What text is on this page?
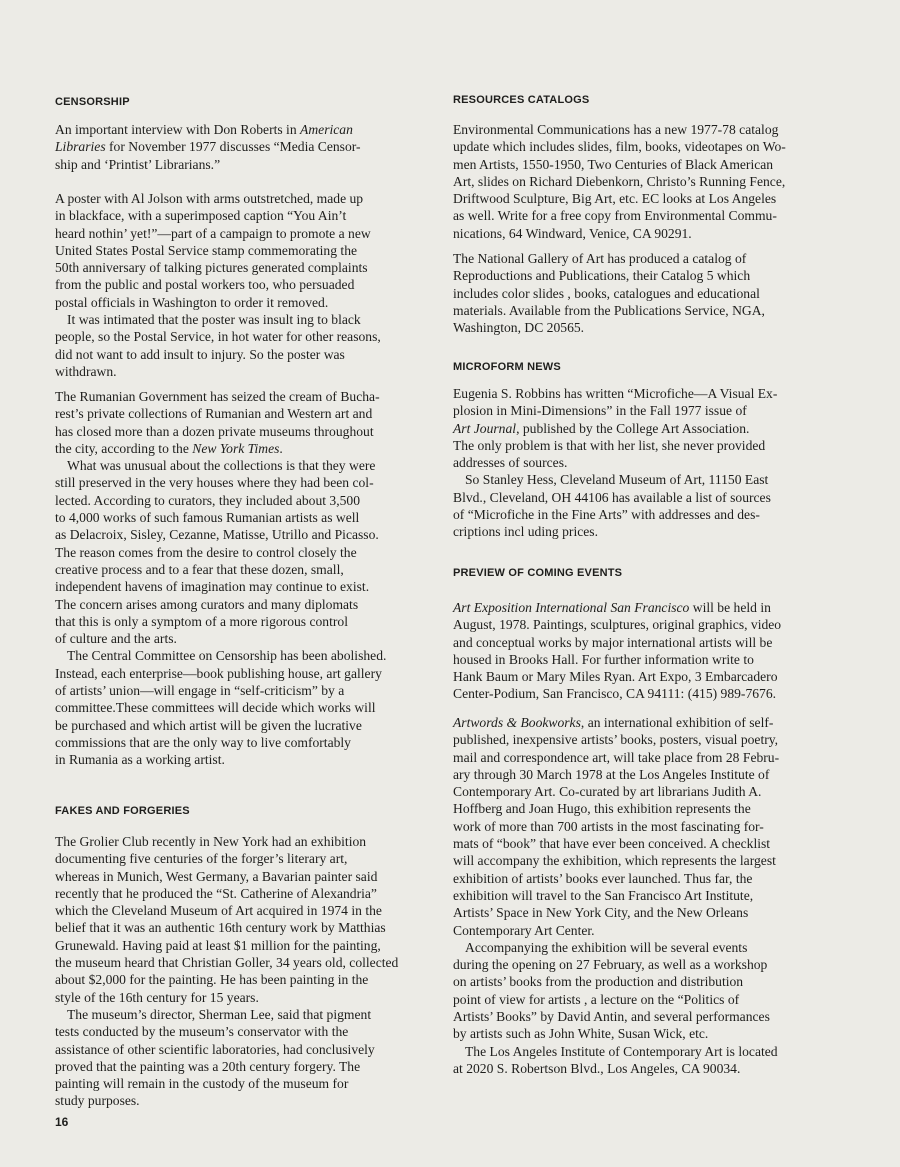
CENSORSHIP
An important interview with Don Roberts in American
Libraries for November 1977 discusses “Media Censor-
ship and ‘Printist’ Librarians.”
A poster with Al Jolson with arms outstretched, made up
in blackface, with a superimposed caption “You Ain’t
heard nothin’ yet!”—part of a campaign to promote a new
United States Postal Service stamp commemorating the
50th anniversary of talking pictures generated complaints
from the public and postal workers too, who persuaded
postal officials in Washington to order it removed.
It was intimated that the poster was insult ing to black
people, so the Postal Service, in hot water for other reasons,
did not want to add insult to injury. So the poster was
withdrawn.
The Rumanian Government has seized the cream of Bucha-
rest’s private collections of Rumanian and Western art and
has closed more than a dozen private museums throughout
the city, according to the New York Times.
What was unusual about the collections is that they were
still preserved in the very houses where they had been col-
lected. According to curators, they included about 3,500
to 4,000 works of such famous Rumanian artists as well
as Delacroix, Sisley, Cezanne, Matisse, Utrillo and Picasso.
The reason comes from the desire to control closely the
creative process and to a fear that these dozen, small,
independent havens of imagination may continue to exist.
The concern arises among curators and many diplomats
that this is only a symptom of a more rigorous control
of culture and the arts.
The Central Committee on Censorship has been abolished.
Instead, each enterprise—book publishing house, art gallery
of artists’ union—will engage in “self-criticism” by a
committee.These committees will decide which works will
be purchased and which artist will be given the lucrative
commissions that are the only way to live comfortably
in Rumania as a working artist.
FAKES AND FORGERIES
The Grolier Club recently in New York had an exhibition
documenting five centuries of the forger’s literary art,
whereas in Munich, West Germany, a Bavarian painter said
recently that he produced the “St. Catherine of Alexandria”
which the Cleveland Museum of Art acquired in 1974 in the
belief that it was an authentic 16th century work by Matthias
Grunewald. Having paid at least $1 million for the painting,
the museum heard that Christian Goller, 34 years old, collected
about $2,000 for the painting. He has been painting in the
style of the 16th century for 15 years.
The museum’s director, Sherman Lee, said that pigment
tests conducted by the museum’s conservator with the
assistance of other scientific laboratories, had conclusively
proved that the painting was a 20th century forgery. The
painting will remain in the custody of the museum for
study purposes.
RESOURCES CATALOGS
Environmental Communications has a new 1977-78 catalog
update which includes slides, film, books, videotapes on Wo-
men Artists, 1550-1950, Two Centuries of Black American
Art, slides on Richard Diebenkorn, Christo’s Running Fence,
Driftwood Sculpture, Big Art, etc. EC looks at Los Angeles
as well. Write for a free copy from Environmental Commu-
nications, 64 Windward, Venice, CA 90291.
The National Gallery of Art has produced a catalog of
Reproductions and Publications, their Catalog 5 which
includes color slides , books, catalogues and educational
materials. Available from the Publications Service, NGA,
Washington, DC 20565.
MICROFORM NEWS
Eugenia S. Robbins has written “Microfiche—A Visual Ex-
plosion in Mini-Dimensions” in the Fall 1977 issue of
Art Journal, published by the College Art Association.
The only problem is that with her list, she never provided
addresses of sources.
So Stanley Hess, Cleveland Museum of Art, 11150 East
Blvd., Cleveland, OH 44106 has available a list of sources
of “Microfiche in the Fine Arts” with addresses and des-
criptions incl uding prices.
PREVIEW OF COMING EVENTS
Art Exposition International San Francisco will be held in
August, 1978. Paintings, sculptures, original graphics, video
and conceptual works by major international artists will be
housed in Brooks Hall. For further information write to
Hank Baum or Mary Miles Ryan. Art Expo, 3 Embarcadero
Center-Podium, San Francisco, CA 94111: (415) 989-7676.
Artwords & Bookworks, an international exhibition of self-
published, inexpensive artists’ books, posters, visual poetry,
mail and correspondence art, will take place from 28 Febru-
ary through 30 March 1978 at the Los Angeles Institute of
Contemporary Art. Co-curated by art librarians Judith A.
Hoffberg and Joan Hugo, this exhibition represents the
work of more than 700 artists in the most fascinating for-
mats of “book” that have ever been conceived. A checklist
will accompany the exhibition, which represents the largest
exhibition of artists’ books ever launched. Thus far, the
exhibition will travel to the San Francisco Art Institute,
Artists’ Space in New York City, and the New Orleans
Contemporary Art Center.
Accompanying the exhibition will be several events
during the opening on 27 February, as well as a workshop
on artists’ books from the production and distribution
point of view for artists , a lecture on the “Politics of
Artists’ Books” by David Antin, and several performances
by artists such as John White, Susan Wick, etc.
The Los Angeles Institute of Contemporary Art is located
at 2020 S. Robertson Blvd., Los Angeles, CA 90034.
16
